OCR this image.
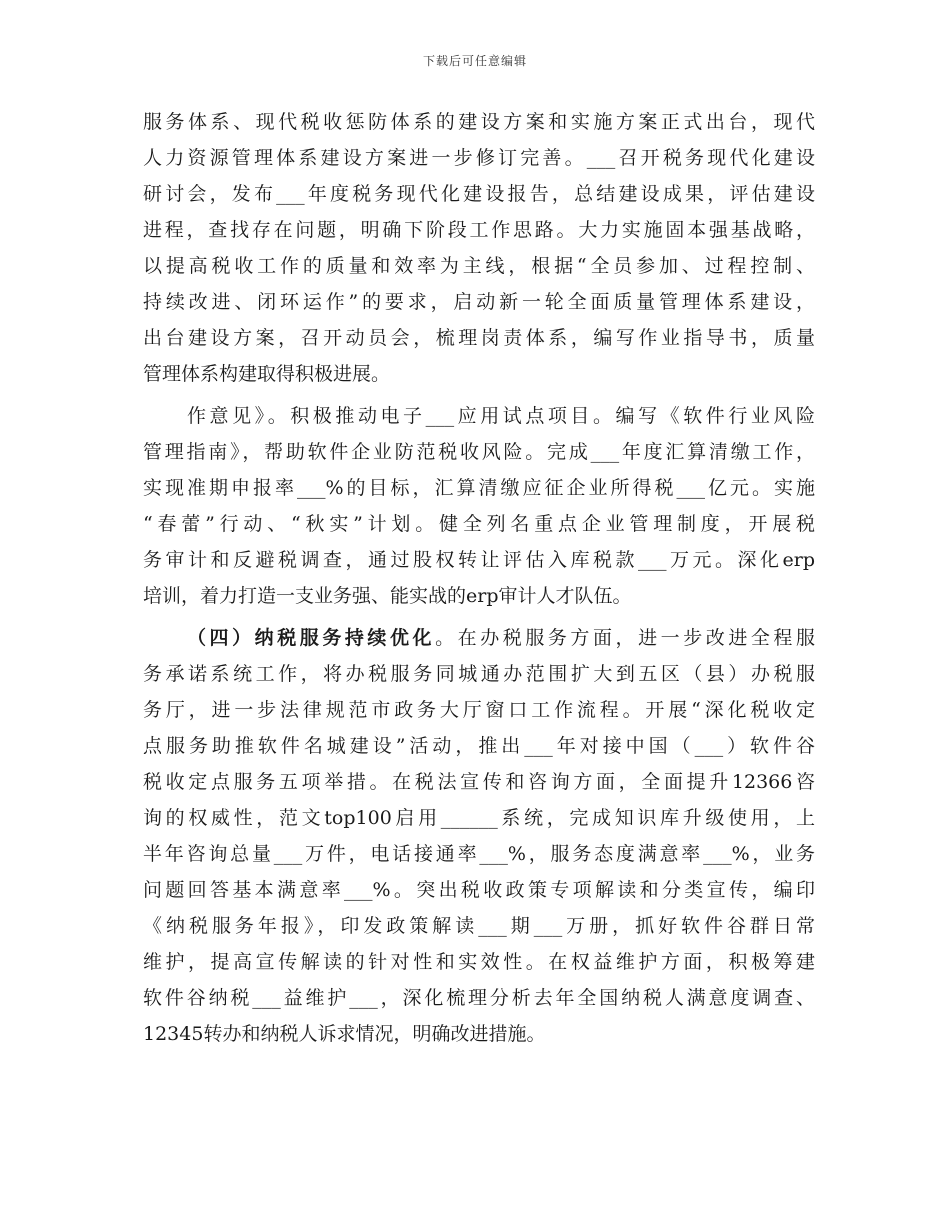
下载后可任意编辑
服务体系、现代税收惩防体系的建设方案和实施方案正式出台，现代
人力资源管理体系建设方案进一步修订完善。___召开税务现代化建设
研讨会，发布___年度税务现代化建设报告，总结建设成果，评估建设
进程，查找存在问题，明确下阶段工作思路。大力实施固本强基战略，
以提高税收工作的质量和效率为主线，根据“全员参加、过程控制、
持续改进、闭环运作”的要求，启动新一轮全面质量管理体系建设，
出台建设方案，召开动员会，梳理岗责体系，编写作业指导书，质量
管理体系构建取得积极进展。
作意见》。积极推动电子___应用试点项目。编写《软件行业风险
管理指南》，帮助软件企业防范税收风险。完成___年度汇算清缴工作，
实现准期申报率___%的目标，汇算清缴应征企业所得税___亿元。实施
“春蕾”行动、“秋实”计划。健全列名重点企业管理制度，开展税
务审计和反避税调查，通过股权转让评估入库税款___万元。深化erp
培训，着力打造一支业务强、能实战的erp审计人才队伍。
（四）纳税服务持续优化。在办税服务方面，进一步改进全程服
务承诺系统工作，将办税服务同城通办范围扩大到五区（县）办税服
务厅，进一步法律规范市政务大厅窗口工作流程。开展“深化税收定
点服务助推软件名城建设”活动，推出___年对接中国（___）软件谷
税收定点服务五项举措。在税法宣传和咨询方面，全面提升12366咨
询的权威性，范文top100启用______系统，完成知识库升级使用，上
半年咨询总量___万件，电话接通率___%，服务态度满意率___%，业务
问题回答基本满意率___%。突出税收政策专项解读和分类宣传，编印
《纳税服务年报》，印发政策解读___期___万册，抓好软件谷群日常
维护，提高宣传解读的针对性和实效性。在权益维护方面，积极筹建
软件谷纳税___益维护___，深化梳理分析去年全国纳税人满意度调查、
12345转办和纳税人诉求情况，明确改进措施。
